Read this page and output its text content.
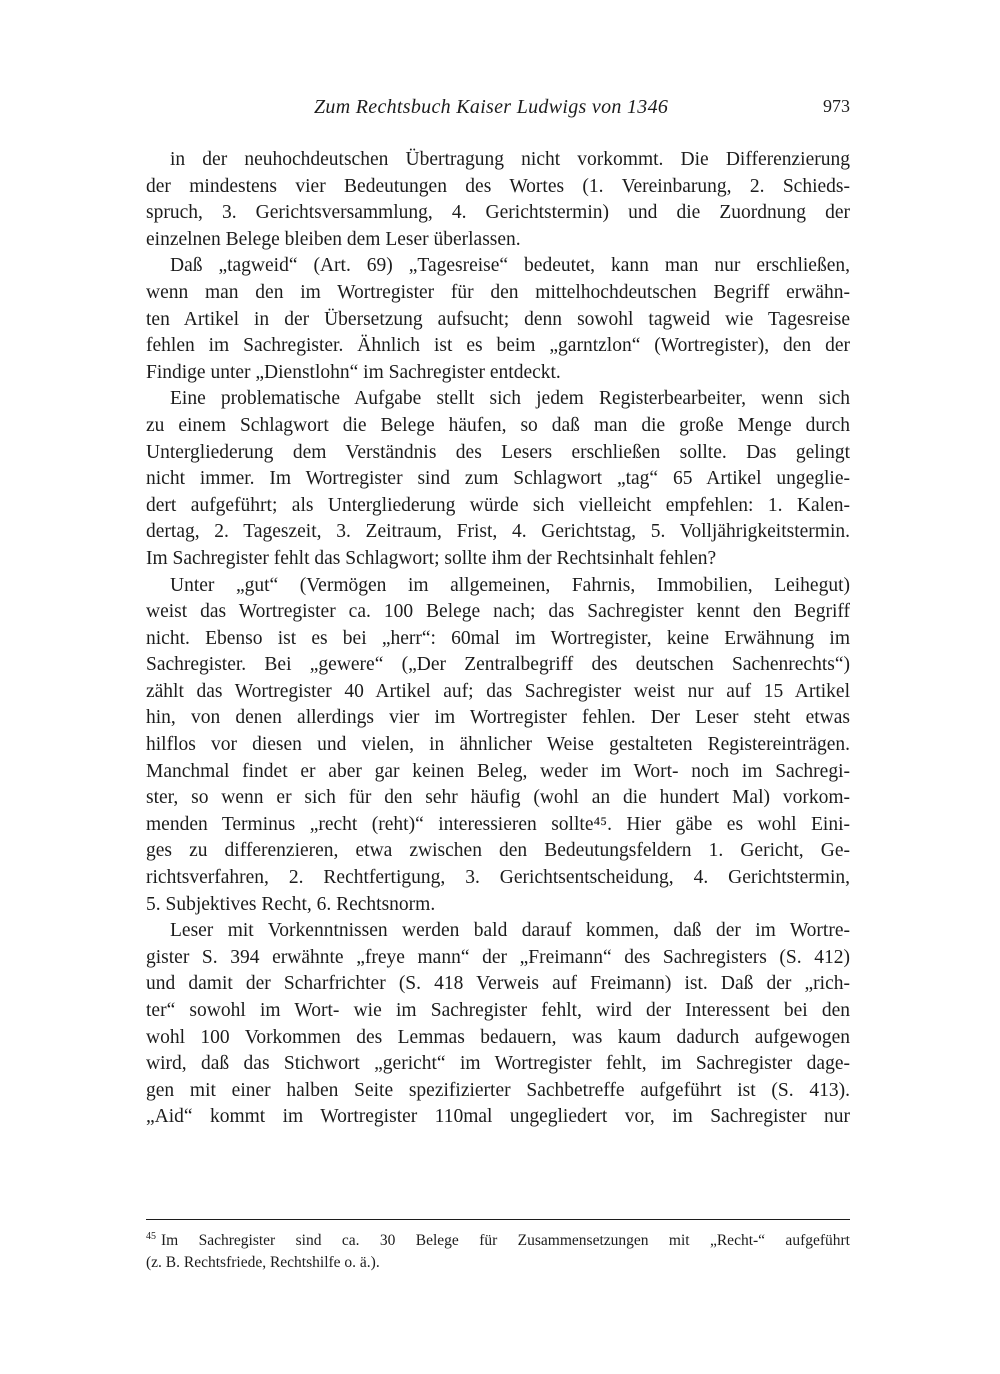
Zum Rechtsbuch Kaiser Ludwigs von 1346	973

in der neuhochdeutschen Übertragung nicht vorkommt. Die Differenzierung
der mindestens vier Bedeutungen des Wortes (1. Vereinbarung, 2. Schieds-
spruch, 3. Gerichtsversammlung, 4. Gerichtstermin) und die Zuordnung der
einzelnen Belege bleiben dem Leser überlassen.

Daß „tagweid“ (Art. 69) „Tagesreise“ bedeutet, kann man nur erschließen,
wenn man den im Wortregister für den mittelhochdeutschen Begriff erwähn-
ten Artikel in der Übersetzung aufsucht; denn sowohl tagweid wie Tagesreise
fehlen im Sachregister. Ähnlich ist es beim „garntzlon“ (Wortregister), den der
Findige unter „Dienstlohn“ im Sachregister entdeckt.

Eine problematische Aufgabe stellt sich jedem Registerbearbeiter, wenn sich
zu einem Schlagwort die Belege häufen, so daß man die große Menge durch
Untergliederung dem Verständnis des Lesers erschließen sollte. Das gelingt
nicht immer. Im Wortregister sind zum Schlagwort „tag“ 65 Artikel ungeglie-
dert aufgeführt; als Untergliederung würde sich vielleicht empfehlen: 1. Kalen-
dertag, 2. Tageszeit, 3. Zeitraum, Frist, 4. Gerichtstag, 5. Volljährigkeitstermin.
Im Sachregister fehlt das Schlagwort; sollte ihm der Rechtsinhalt fehlen?

Unter „gut“ (Vermögen im allgemeinen, Fahrnis, Immobilien, Leihegut)
weist das Wortregister ca. 100 Belege nach; das Sachregister kennt den Begriff
nicht. Ebenso ist es bei „herr“: 60mal im Wortregister, keine Erwähnung im
Sachregister. Bei „gewere“ („Der Zentralbegriff des deutschen Sachenrechts“)
zählt das Wortregister 40 Artikel auf; das Sachregister weist nur auf 15 Artikel
hin, von denen allerdings vier im Wortregister fehlen. Der Leser steht etwas
hilflos vor diesen und vielen, in ähnlicher Weise gestalteten Registereinträgen.
Manchmal findet er aber gar keinen Beleg, weder im Wort- noch im Sachregi-
ster, so wenn er sich für den sehr häufig (wohl an die hundert Mal) vorkom-
menden Terminus „recht (reht)“ interessieren sollte⁴⁵. Hier gäbe es wohl Eini-
ges zu differenzieren, etwa zwischen den Bedeutungsfeldern 1. Gericht, Ge-
richtsverfahren, 2. Rechtfertigung, 3. Gerichtsentscheidung, 4. Gerichtstermin,
5. Subjektives Recht, 6. Rechtsnorm.

Leser mit Vorkenntnissen werden bald darauf kommen, daß der im Wortre-
gister S. 394 erwähnte „freye mann“ der „Freimann“ des Sachregisters (S. 412)
und damit der Scharfrichter (S. 418 Verweis auf Freimann) ist. Daß der „rich-
ter“ sowohl im Wort- wie im Sachregister fehlt, wird der Interessent bei den
wohl 100 Vorkommen des Lemmas bedauern, was kaum dadurch aufgewogen
wird, daß das Stichwort „gericht“ im Wortregister fehlt, im Sachregister dage-
gen mit einer halben Seite spezifizierter Sachbetreffe aufgeführt ist (S. 413).
„Aid“ kommt im Wortregister 110mal ungegliedert vor, im Sachregister nur

$^{45}$ Im Sachregister sind ca. 30 Belege für Zusammensetzungen mit „Recht-“ aufgeführt
(z. B. Rechtsfriede, Rechtshilfe o. ä.).
